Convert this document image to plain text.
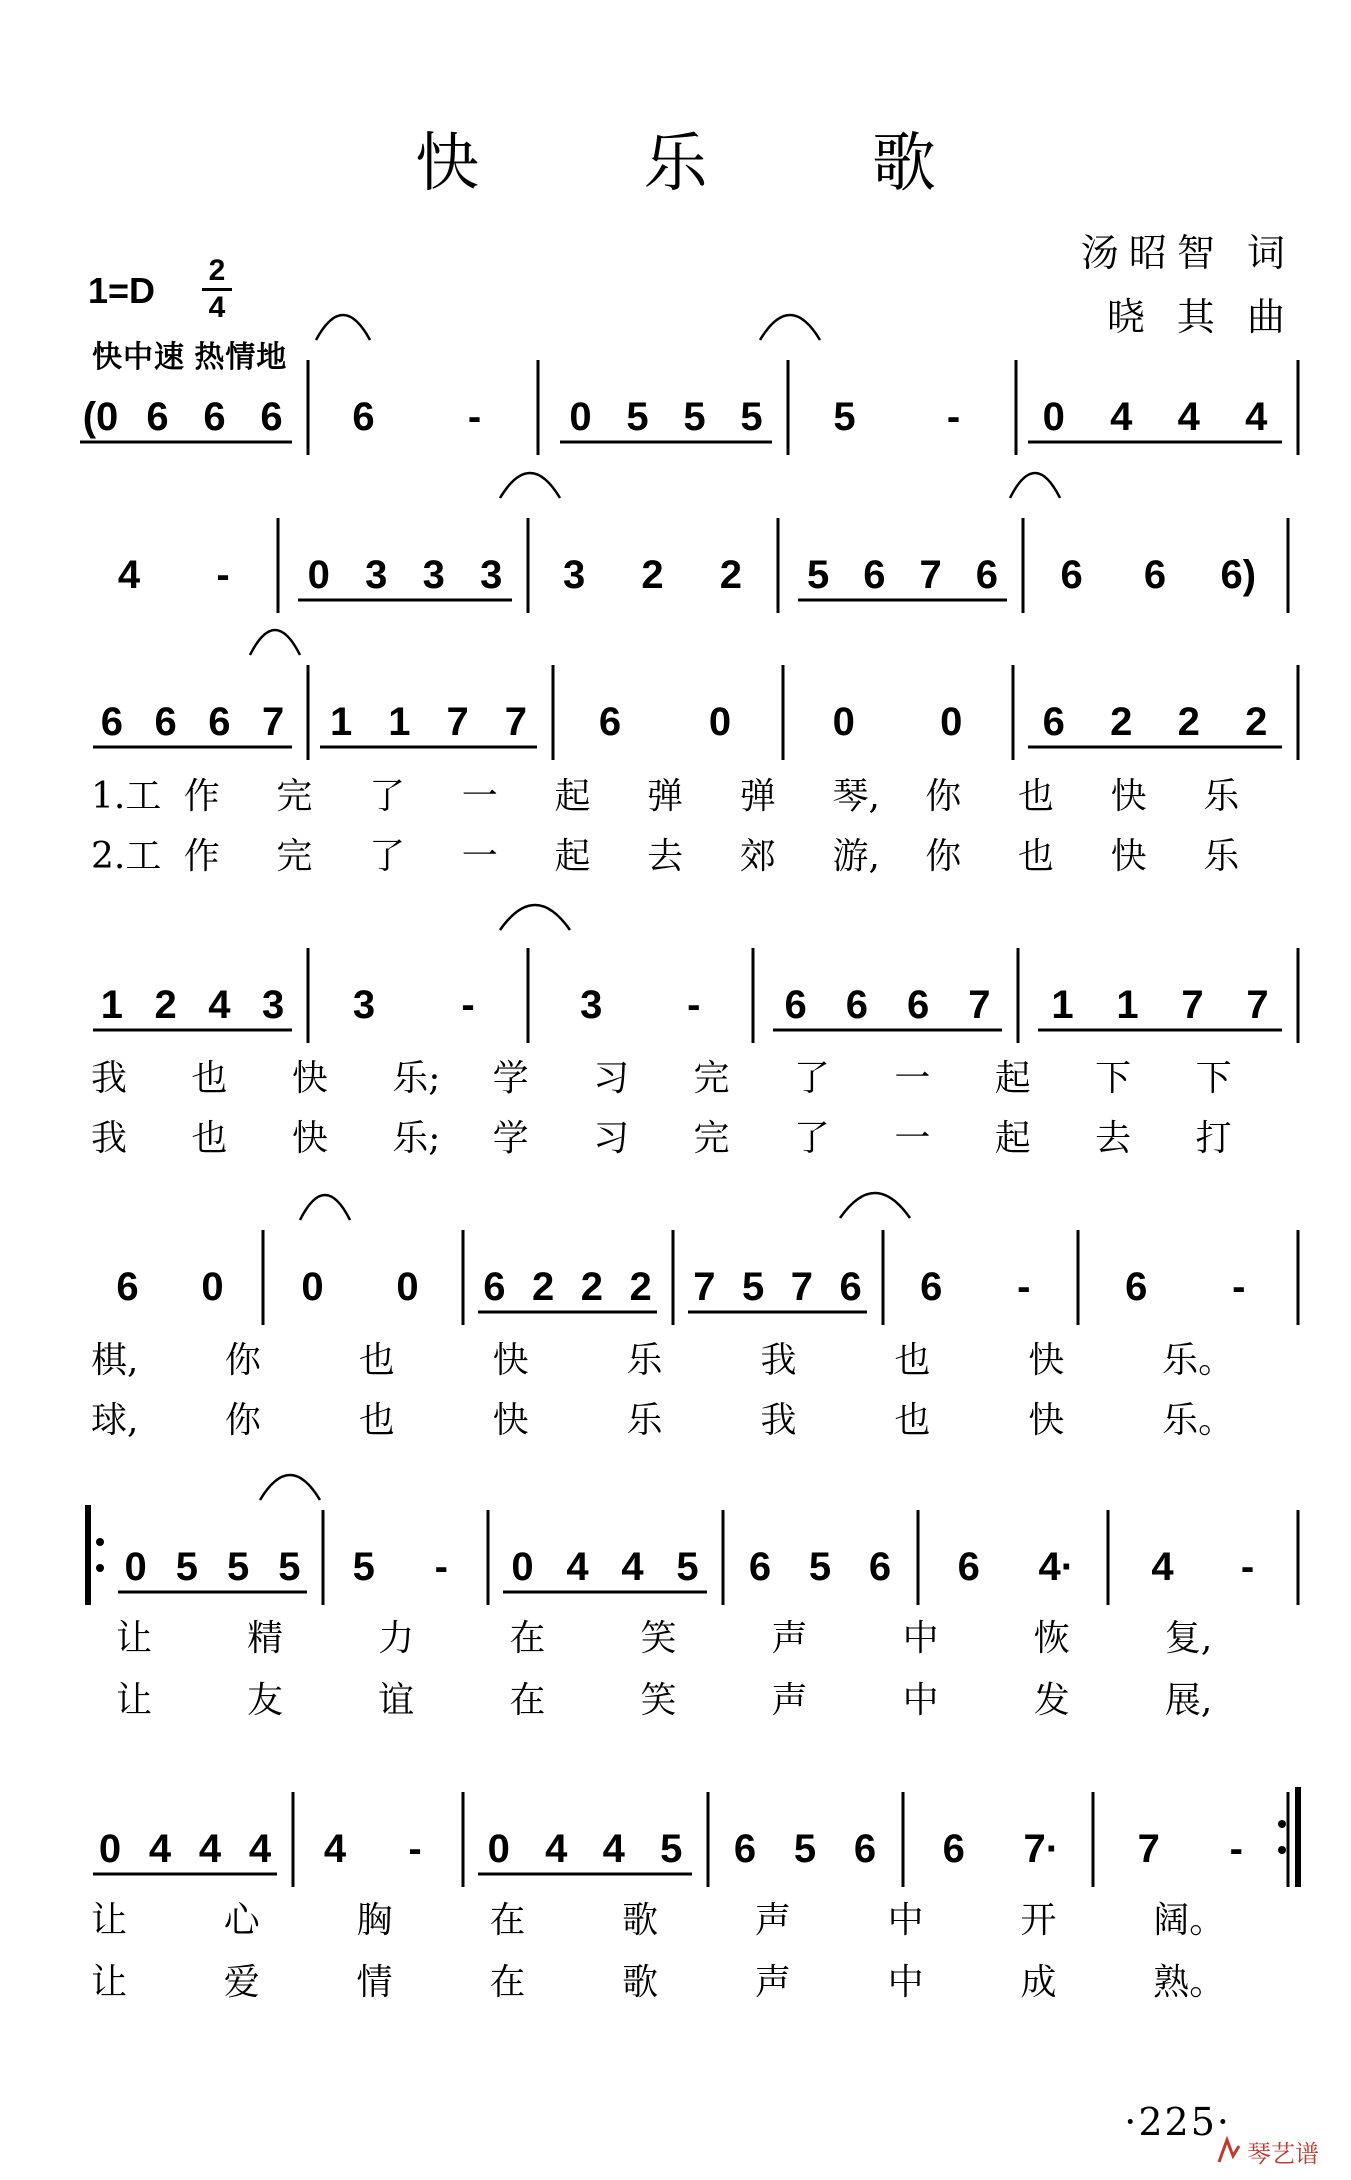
快 乐 歌
汤昭智 词
晓 其 曲
1=D 2
4
快中速 热情地
(0 6 6 6 6 - 0 5 5 5 5 - 0 4 4 4
4 - 0 3 3 3 3 2 2 5 6 7 6 6 6 6)
6 6 6 7 1 1 7 7 6 0	0 0 6 2 2 2
1.工 作 完 了 一 起 弹 弹 琴, 你 也 快 乐
2.工 作 完 了 一 起 去 郊 游, 你 也 快 乐
1 2 4 3 3 -	3 - 6 6 6 7 1 1 7 7
我 也 快 乐; 学 习 完 了 一 起 下 下
我 也 快 乐; 学 习 完 了 一 起 去 打
6 0 0 0 6 2 2 2 7 5 7 6 6 - 6 -
棋, 你	也	快	乐	我	也	快	乐。
球, 你	也	快	乐	我	也	快	乐。
0 5 5 5 5 - 0 4 4 5 6 5 6 6 4· 4 -
让	精	力	在	笑	声	中	恢	复,
让	友	谊	在	笑	声	中	发	展,
0 4 4 4 4 - 0 4 4 5 6 5 6 6 7· 7 -
让	心	胸	在	歌	声	中	开	阔。
让	爱	情	在	歌	声	中	成	熟。
·225·
琴艺谱
